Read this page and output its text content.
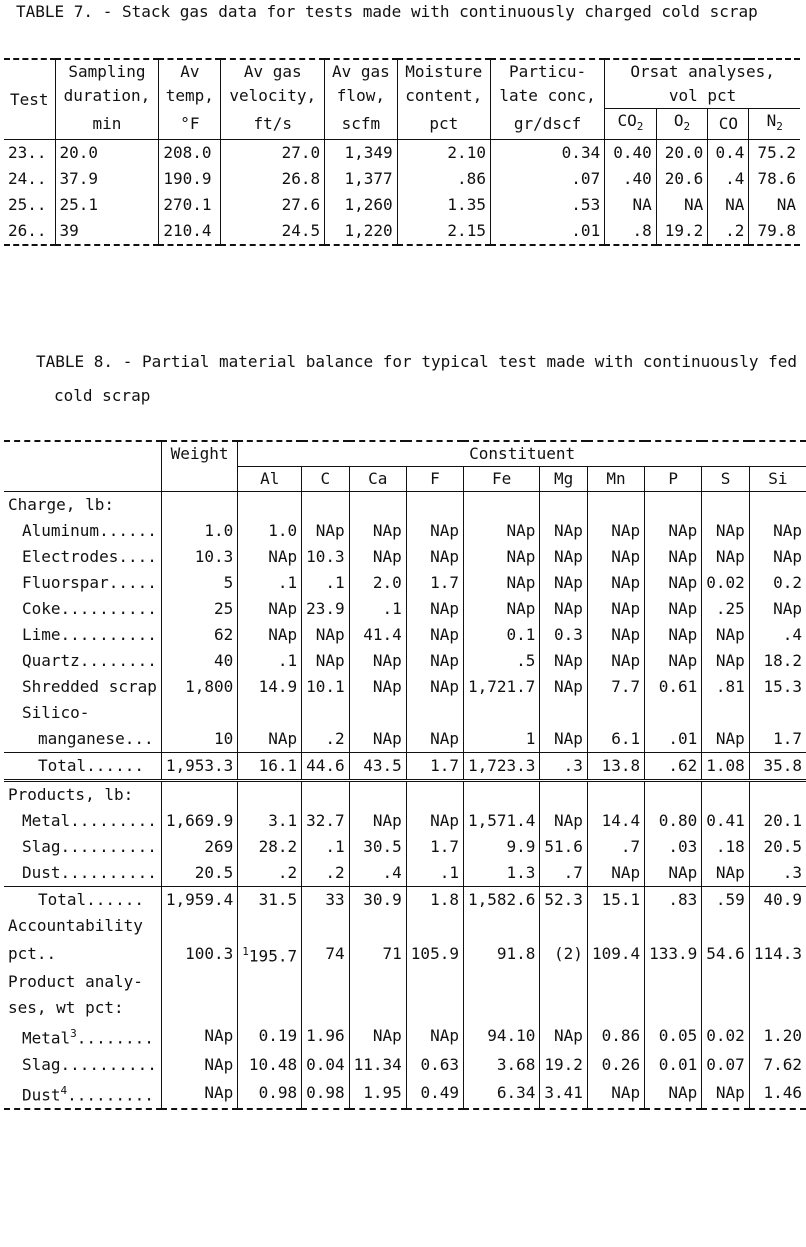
TABLE 7. - Stack gas data for tests made with continuously charged cold scrap
Test	Sampling	Av	Av gas	Av gas	Moisture	Particu-	Orsat analyses,			
	duration,	temp,	velocity,	flow,	content,	late conc,	vol pct			
	min	°F	ft/s	scfm	pct	gr/dscf	$CO_2$	$O_2$	CO	$N_2$
23..	20.0	208.0	27.0	1,349	2.10	0.34	0.40	20.0	0.4	75.2
24..	37.9	190.9	26.8	1,377	.86	.07	.40	20.6	.4	78.6
25..	25.1	270.1	27.6	1,260	1.35	.53	NA	NA	NA	NA
26..	39	210.4	24.5	1,220	2.15	.01	.8	19.2	.2	79.8
TABLE 8. - Partial material balance for typical test made with continuously fed
cold scrap
	Weight	Constituent									
		Al	C	Ca	F	Fe	Mg	Mn	P	S	Si
Charge, lb:											
Aluminum......	1.0	1.0	NAp	NAp	NAp	NAp	NAp	NAp	NAp	NAp	NAp
Electrodes....	10.3	NAp	10.3	NAp	NAp	NAp	NAp	NAp	NAp	NAp	NAp
Fluorspar.....	5	.1	.1	2.0	1.7	NAp	NAp	NAp	NAp	0.02	0.2
Coke..........	25	NAp	23.9	.1	NAp	NAp	NAp	NAp	NAp	.25	NAp
Lime..........	62	NAp	NAp	41.4	NAp	0.1	0.3	NAp	NAp	NAp	.4
Quartz........	40	.1	NAp	NAp	NAp	.5	NAp	NAp	NAp	NAp	18.2
Shredded scrap	1,800	14.9	10.1	NAp	NAp	1,721.7	NAp	7.7	0.61	.81	15.3
Silico-											
manganese...	10	NAp	.2	NAp	NAp	1	NAp	6.1	.01	NAp	1.7
Total......	1,953.3	16.1	44.6	43.5	1.7	1,723.3	.3	13.8	.62	1.08	35.8
Products, lb:											
Metal.........	1,669.9	3.1	32.7	NAp	NAp	1,571.4	NAp	14.4	0.80	0.41	20.1
Slag..........	269	28.2	.1	30.5	1.7	9.9	51.6	.7	.03	.18	20.5
Dust..........	20.5	.2	.2	.4	.1	1.3	.7	NAp	NAp	NAp	.3
Total......	1,959.4	31.5	33	30.9	1.8	1,582.6	52.3	15.1	.83	.59	40.9
Accountability											
pct..	100.3	$^1$195.7	74	71	105.9	91.8	(2)	109.4	133.9	54.6	114.3
Product analy-											
ses, wt pct:											
Metal$^3$........	NAp	0.19	1.96	NAp	NAp	94.10	NAp	0.86	0.05	0.02	1.20
Slag..........	NAp	10.48	0.04	11.34	0.63	3.68	19.2	0.26	0.01	0.07	7.62
Dust$^4$.........	NAp	0.98	0.98	1.95	0.49	6.34	3.41	NAp	NAp	NAp	1.46
